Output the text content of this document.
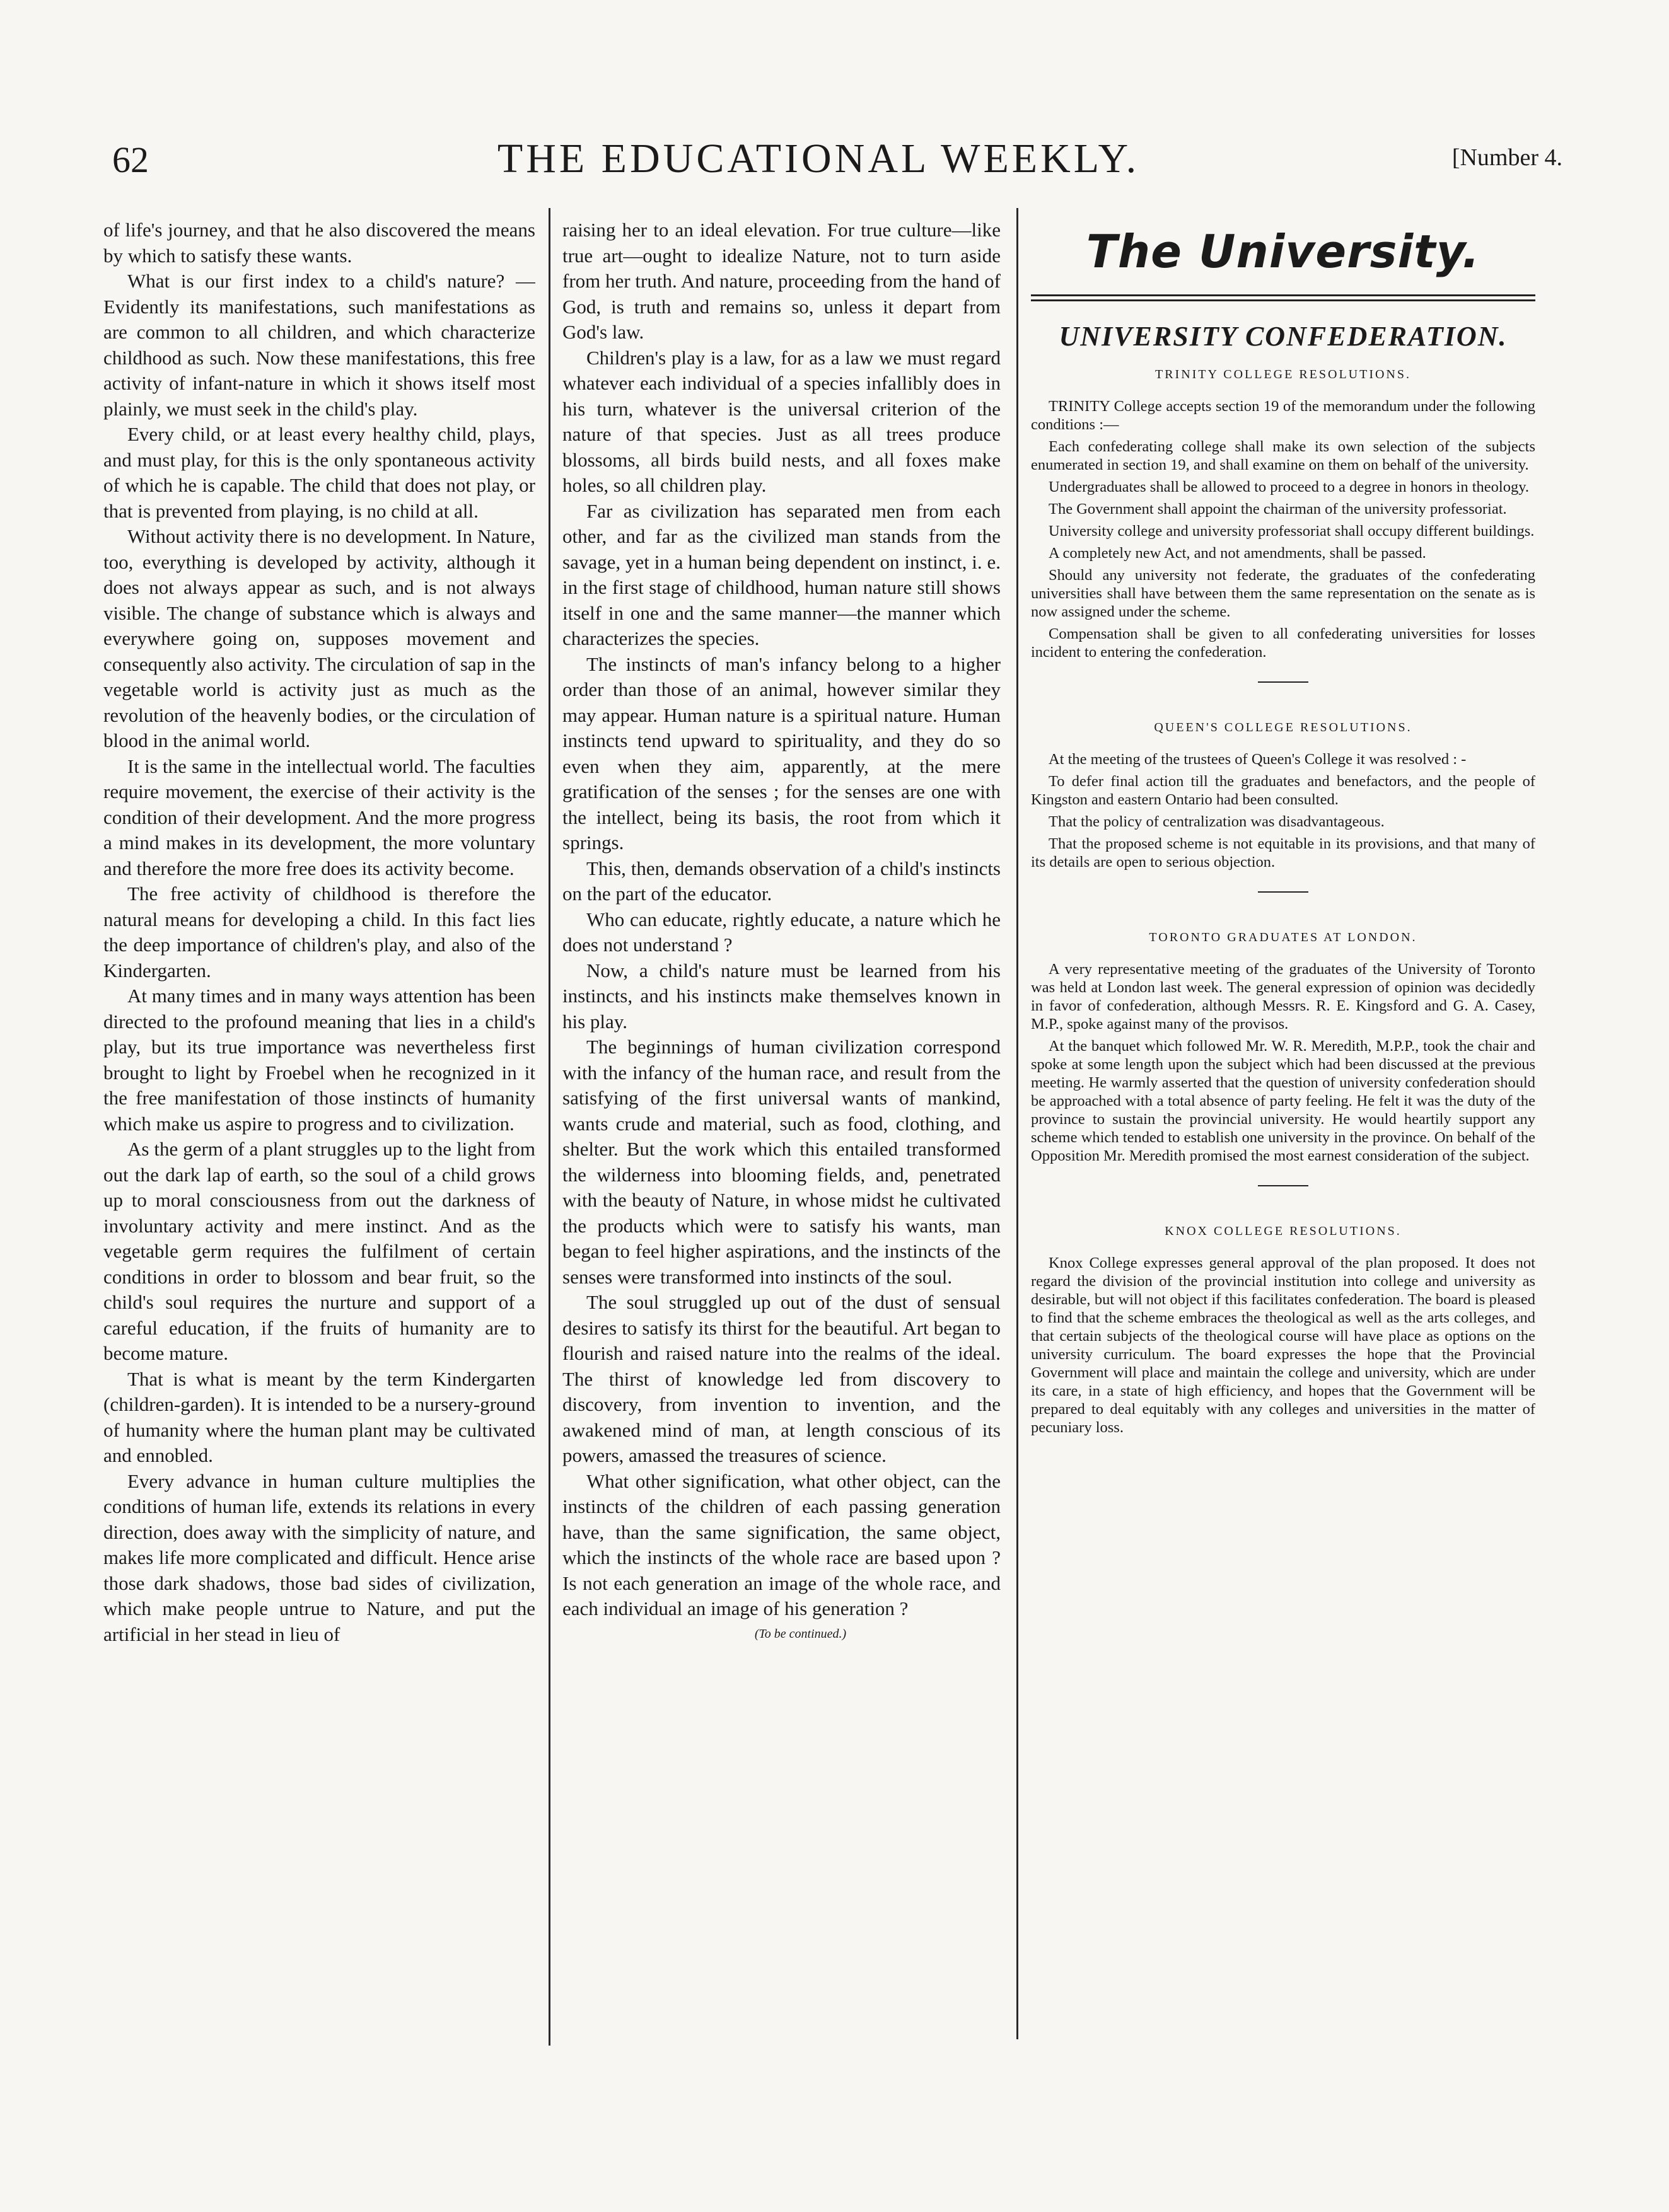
62	THE EDUCATIONAL WEEKLY.	[Number 4.

of life's journey, and that he also discovered the means by which to satisfy these wants.

What is our first index to a child's nature? —Evidently its manifestations, such manifestations as are common to all children, and which characterize childhood as such. Now these manifestations, this free activity of infant-nature in which it shows itself most plainly, we must seek in the child's play.

Every child, or at least every healthy child, plays, and must play, for this is the only spontaneous activity of which he is capable. The child that does not play, or that is prevented from playing, is no child at all.

Without activity there is no development. In Nature, too, everything is developed by activity, although it does not always appear as such, and is not always visible. The change of substance which is always and everywhere going on, supposes movement and consequently also activity. The circulation of sap in the vegetable world is activity just as much as the revolution of the heavenly bodies, or the circulation of blood in the animal world.

It is the same in the intellectual world. The faculties require movement, the exercise of their activity is the condition of their development. And the more progress a mind makes in its development, the more voluntary and therefore the more free does its activity become.

The free activity of childhood is therefore the natural means for developing a child. In this fact lies the deep importance of children's play, and also of the Kindergarten.

At many times and in many ways attention has been directed to the profound meaning that lies in a child's play, but its true importance was nevertheless first brought to light by Froebel when he recognized in it the free manifestation of those instincts of humanity which make us aspire to progress and to civilization.

As the germ of a plant struggles up to the light from out the dark lap of earth, so the soul of a child grows up to moral consciousness from out the darkness of involuntary activity and mere instinct. And as the vegetable germ requires the fulfilment of certain conditions in order to blossom and bear fruit, so the child's soul requires the nurture and support of a careful education, if the fruits of humanity are to become mature.

That is what is meant by the term Kindergarten (children-garden). It is intended to be a nursery-ground of humanity where the human plant may be cultivated and ennobled.

Every advance in human culture multiplies the conditions of human life, extends its relations in every direction, does away with the simplicity of nature, and makes life more complicated and difficult. Hence arise those dark shadows, those bad sides of civilization, which make people untrue to Nature, and put the artificial in her stead in lieu of

raising her to an ideal elevation. For true culture—like true art—ought to idealize Nature, not to turn aside from her truth. And nature, proceeding from the hand of God, is truth and remains so, unless it depart from God's law.

Children's play is a law, for as a law we must regard whatever each individual of a species infallibly does in his turn, whatever is the universal criterion of the nature of that species. Just as all trees produce blossoms, all birds build nests, and all foxes make holes, so all children play.

Far as civilization has separated men from each other, and far as the civilized man stands from the savage, yet in a human being dependent on instinct, i. e. in the first stage of childhood, human nature still shows itself in one and the same manner—the manner which characterizes the species.

The instincts of man's infancy belong to a higher order than those of an animal, however similar they may appear. Human nature is a spiritual nature. Human instincts tend upward to spirituality, and they do so even when they aim, apparently, at the mere gratification of the senses ; for the senses are one with the intellect, being its basis, the root from which it springs.

This, then, demands observation of a child's instincts on the part of the educator.

Who can educate, rightly educate, a nature which he does not understand ?

Now, a child's nature must be learned from his instincts, and his instincts make themselves known in his play.

The beginnings of human civilization correspond with the infancy of the human race, and result from the satisfying of the first universal wants of mankind, wants crude and material, such as food, clothing, and shelter. But the work which this entailed transformed the wilderness into blooming fields, and, penetrated with the beauty of Nature, in whose midst he cultivated the products which were to satisfy his wants, man began to feel higher aspirations, and the instincts of the senses were transformed into instincts of the soul.

The soul struggled up out of the dust of sensual desires to satisfy its thirst for the beautiful. Art began to flourish and raised nature into the realms of the ideal. The thirst of knowledge led from discovery to discovery, from invention to invention, and the awakened mind of man, at length conscious of its powers, amassed the treasures of science.

What other signification, what other object, can the instincts of the children of each passing generation have, than the same signification, the same object, which the instincts of the whole race are based upon ? Is not each generation an image of the whole race, and each individual an image of his generation ?

(To be continued.)
The University.
UNIVERSITY CONFEDERATION.
TRINITY COLLEGE RESOLUTIONS.

TRINITY College accepts section 19 of the memorandum under the following conditions :—

Each confederating college shall make its own selection of the subjects enumerated in section 19, and shall examine on them on behalf of the university.

Undergraduates shall be allowed to proceed to a degree in honors in theology.

The Government shall appoint the chairman of the university professoriat.

University college and university professoriat shall occupy different buildings.

A completely new Act, and not amendments, shall be passed.

Should any university not federate, the graduates of the confederating universities shall have between them the same representation on the senate as is now assigned under the scheme.

Compensation shall be given to all confederating universities for losses incident to entering the confederation.

QUEEN'S COLLEGE RESOLUTIONS.

At the meeting of the trustees of Queen's College it was resolved : -

To defer final action till the graduates and benefactors, and the people of Kingston and eastern Ontario had been consulted.

That the policy of centralization was disadvantageous.

That the proposed scheme is not equitable in its provisions, and that many of its details are open to serious objection.

TORONTO GRADUATES AT LONDON.

A very representative meeting of the graduates of the University of Toronto was held at London last week. The general expression of opinion was decidedly in favor of confederation, although Messrs. R. E. Kingsford and G. A. Casey, M.P., spoke against many of the provisos.

At the banquet which followed Mr. W. R. Meredith, M.P.P., took the chair and spoke at some length upon the subject which had been discussed at the previous meeting. He warmly asserted that the question of university confederation should be approached with a total absence of party feeling. He felt it was the duty of the province to sustain the provincial university. He would heartily support any scheme which tended to establish one university in the province. On behalf of the Opposition Mr. Meredith promised the most earnest consideration of the subject.

KNOX COLLEGE RESOLUTIONS.

Knox College expresses general approval of the plan proposed. It does not regard the division of the provincial institution into college and university as desirable, but will not object if this facilitates confederation. The board is pleased to find that the scheme embraces the theological as well as the arts colleges, and that certain subjects of the theological course will have place as options on the university curriculum. The board expresses the hope that the Provincial Government will place and maintain the college and university, which are under its care, in a state of high efficiency, and hopes that the Government will be prepared to deal equitably with any colleges and universities in the matter of pecuniary loss.
